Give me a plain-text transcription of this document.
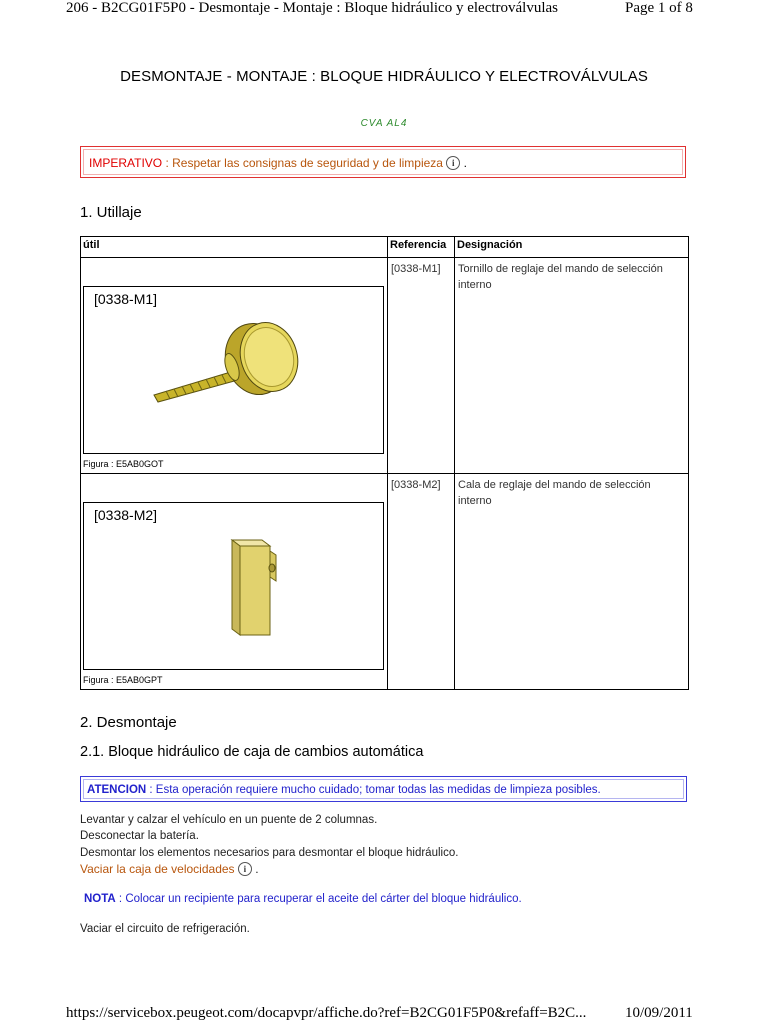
206 - B2CG01F5P0 - Desmontaje - Montaje : Bloque hidráulico y electroválvulas	Page 1 of 8
DESMONTAJE - MONTAJE : BLOQUE HIDRÁULICO Y ELECTROVÁLVULAS
CVA AL4
IMPERATIVO : Respetar las consignas de seguridad y de limpieza i .
1. Utillaje
útil	Referencia	Designación
	[0338-M1]	Tornillo de reglaje del mando de selección interno
	[0338-M2]	Cala de reglaje del mando de selección interno
[0338-M1]
Figura : E5AB0GOT
[0338-M2]
Figura : E5AB0GPT
2. Desmontaje
2.1. Bloque hidráulico de caja de cambios automática
ATENCION : Esta operación requiere mucho cuidado; tomar todas las medidas de limpieza posibles.
Levantar y calzar el vehículo en un puente de 2 columnas.
Desconectar la batería.
Desmontar los elementos necesarios para desmontar el bloque hidráulico.
Vaciar la caja de velocidades i .
NOTA : Colocar un recipiente para recuperar el aceite del cárter del bloque hidráulico.
Vaciar el circuito de refrigeración.
https://servicebox.peugeot.com/docapvpr/affiche.do?ref=B2CG01F5P0&refaff=B2C...	10/09/2011
